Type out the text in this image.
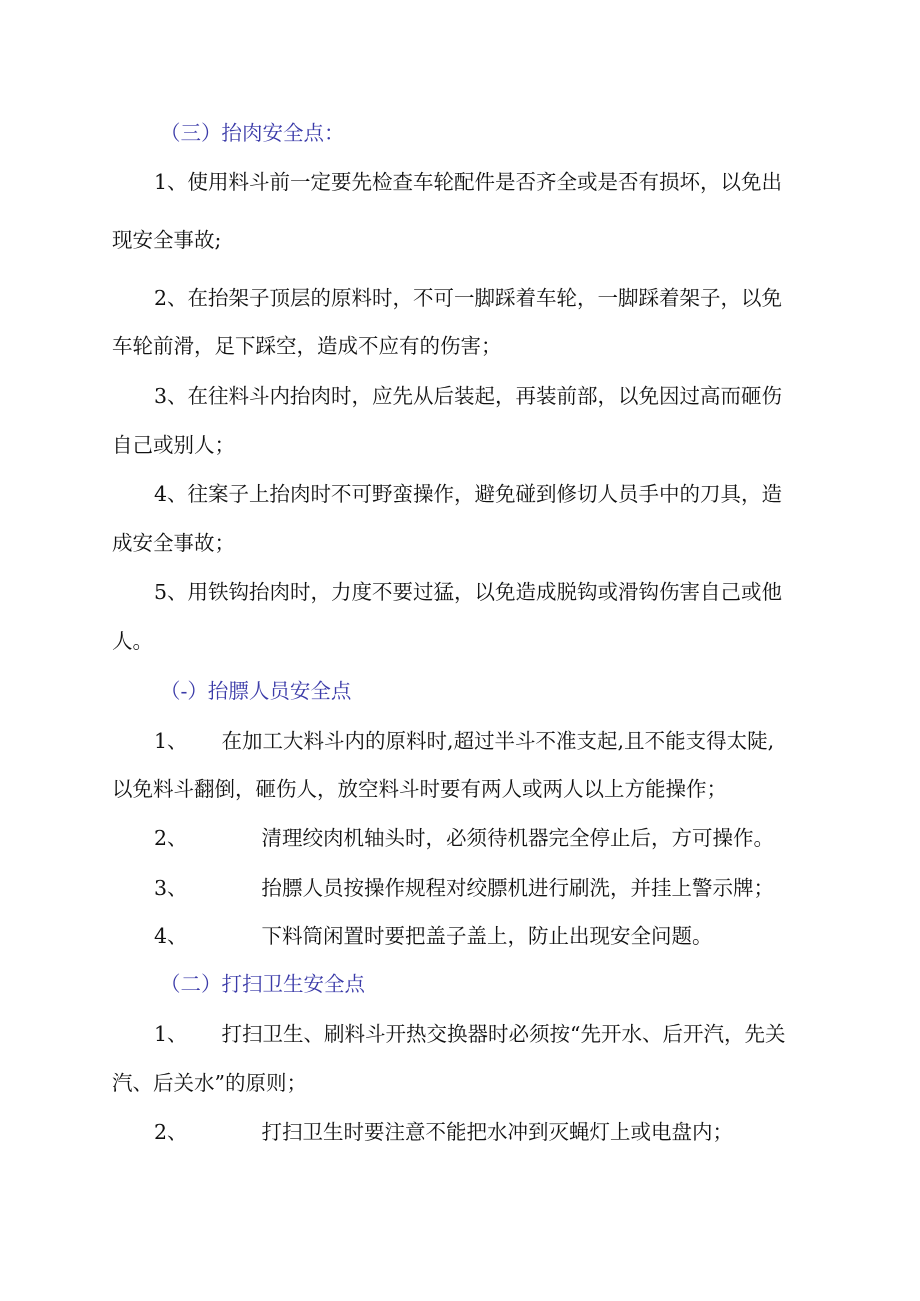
（三）抬肉安全点：
1、使用料斗前一定要先检查车轮配件是否齐全或是否有损坏，以免出
现安全事故;
2、在抬架子顶层的原料时，不可一脚踩着车轮，一脚踩着架子，以免
车轮前滑，足下踩空，造成不应有的伤害；
3、在往料斗内抬肉时，应先从后装起，再装前部，以免因过高而砸伤
自己或别人；
4、往案子上抬肉时不可野蛮操作，避免碰到修切人员手中的刀具，造
成安全事故；
5、用铁钩抬肉时，力度不要过猛，以免造成脱钩或滑钩伤害自己或他
人。
（-）抬膘人员安全点
1、 在加工大料斗内的原料时,超过半斗不准支起,且不能支得太陡,
以免料斗翻倒，砸伤人，放空料斗时要有两人或两人以上方能操作；
2、	清理绞肉机轴头时，必须待机器完全停止后，方可操作。
3、	抬膘人员按操作规程对绞膘机进行刷洗，并挂上警示牌；
4、	下料筒闲置时要把盖子盖上，防止出现安全问题。
（二）打扫卫生安全点
1、 打扫卫生、刷料斗开热交换器时必须按“先开水、后开汽，先关
汽、后关水”的原则；
2、	打扫卫生时要注意不能把水冲到灭蝇灯上或电盘内；
